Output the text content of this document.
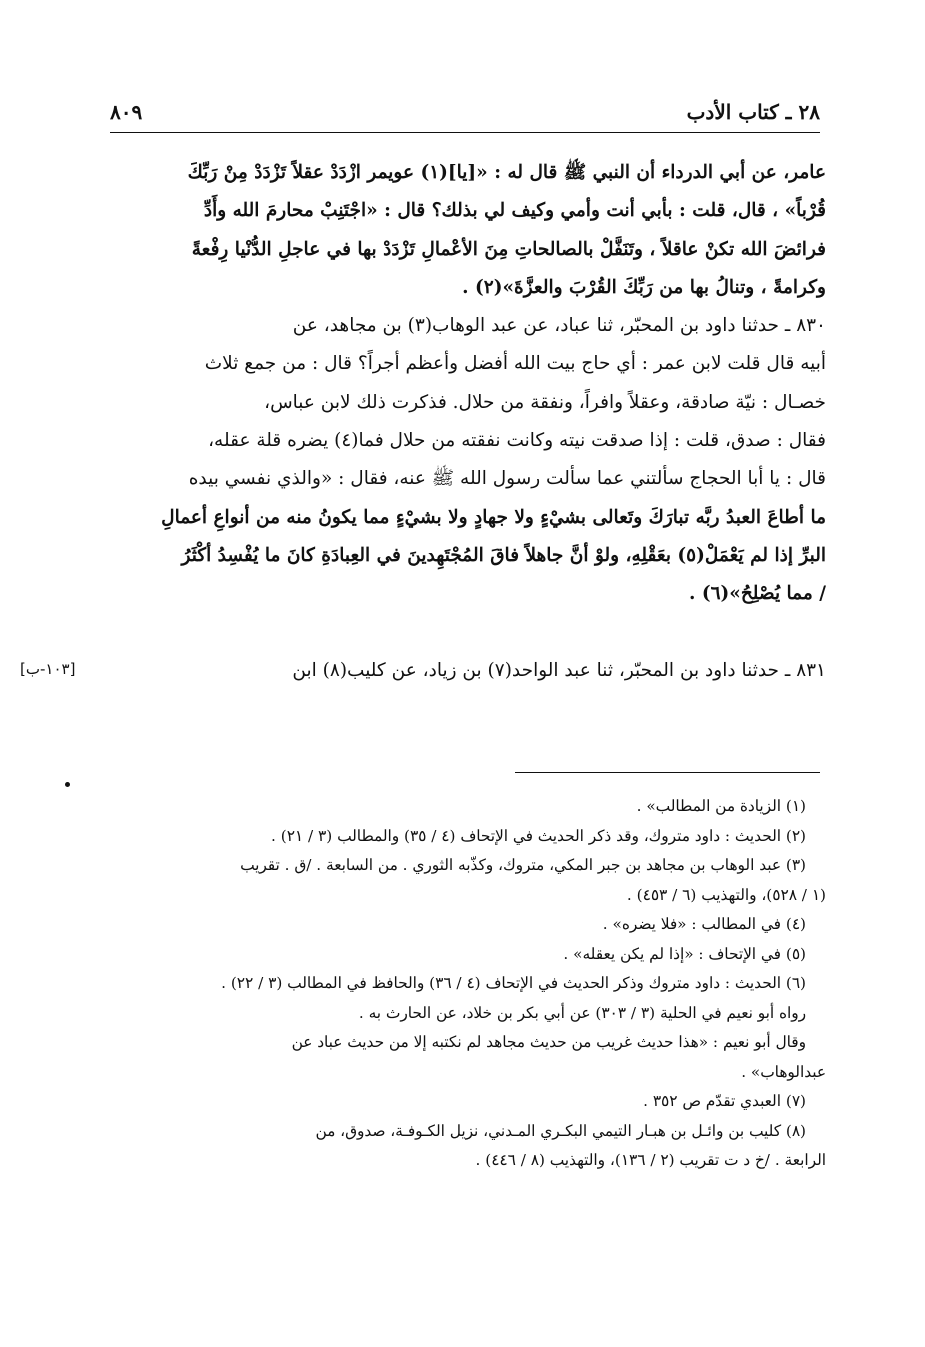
٢٨ ـ كتاب الأدب
٨٠٩
عامر، عن أبي الدرداء أن النبي ﷺ قال له : «[يا](١) عويمر ازْدَدْ عقلاً تَزْدَدْ مِنْ رَبِّكَ
قُرْباً» ، قال، قلت : بأبي أنت وأمي وكيف لي بذلك؟ قال : «اجْتَنِبْ محارمَ الله وأَدِّ
فرائضَ الله تكنْ عاقلاً ، وتَنَفَّلْ بالصالحاتِ مِنَ الأعْمالِ تَزْدَدْ بها في عاجلِ الدُّنْيا رِفْعةً
وكرامةً ، وتنالُ بها من رَبِّكَ القُرْبَ والعزَّةَ»(٢) .
٨٣٠ ـ حدثنا داود بن المحبّر، ثنا عباد، عن عبد الوهاب(٣) بن مجاهد، عن
أبيه قال قلت لابن عمر : أي حاج بيت الله أفضل وأعظم أجراً؟ قال : من جمع ثلاث
خصـال : نيّة صادقة، وعقلاً وافراً، ونفقة من حلال. فذكرت ذلك لابن عباس،
فقال : صدق، قلت : إذا صدقت نيته وكانت نفقته من حلال فما(٤) يضره قلة عقله،
قال : يا أبا الحجاج سألتني عما سألت رسول الله ﷺ عنه، فقال : «والذي نفسي بيده
ما أطاعَ العبدُ ربَّه تبارَكَ وتَعالى بشيْءٍ ولا جهادٍ ولا بشيْءٍ مما يكونُ منه من أنواعِ أعمالِ
البرِّ إذا لم يَعْمَلْ(٥) بعَقْلِهِ، ولوْ أنَّ جاهلاً فاقَ المُجْتَهِدينَ في العِبادَةِ كانَ ما يُفْسِدُ أكْثَرُ
/ مما يُصْلِحُ»(٦) .
٨٣١ ـ حدثنا داود بن المحبّر، ثنا عبد الواحد(٧) بن زياد، عن كليب(٨) ابن
[١٠٣-ب]
(١) الزيادة من المطالب» .
(٢) الحديث : داود متروك، وقد ذكر الحديث في الإتحاف (٤ / ٣٥) والمطالب (٣ / ٢١) .
(٣) عبد الوهاب بن مجاهد بن جبر المكي، متروك، وكذّبه الثوري . من السابعة . /ق . تقريب
(١ / ٥٢٨)، والتهذيب (٦ / ٤٥٣) .
(٤) في المطالب : «فلا يضره» .
(٥) في الإتحاف : «إذا لم يكن يعقله» .
(٦) الحديث : داود متروك وذكر الحديث في الإتحاف (٤ / ٣٦) والحافظ في المطالب (٣ / ٢٢) .
رواه أبو نعيم في الحلية (٣ / ٣٠٣) عن أبي بكر بن خلاد، عن الحارث به .
وقال أبو نعيم : «هذا حديث غريب من حديث مجاهد لم نكتبه إلا من حديث عباد عن
عبدالوهاب» .
(٧) العبدي تقدّم ص ٣٥٢ .
(٨) كليب بن وائـل بن هبـار التيمي البكـري المـدني، نزيل الكـوفـة، صدوق، من
الرابعة . /خ د ت تقريب (٢ / ١٣٦)، والتهذيب (٨ / ٤٤٦) .
